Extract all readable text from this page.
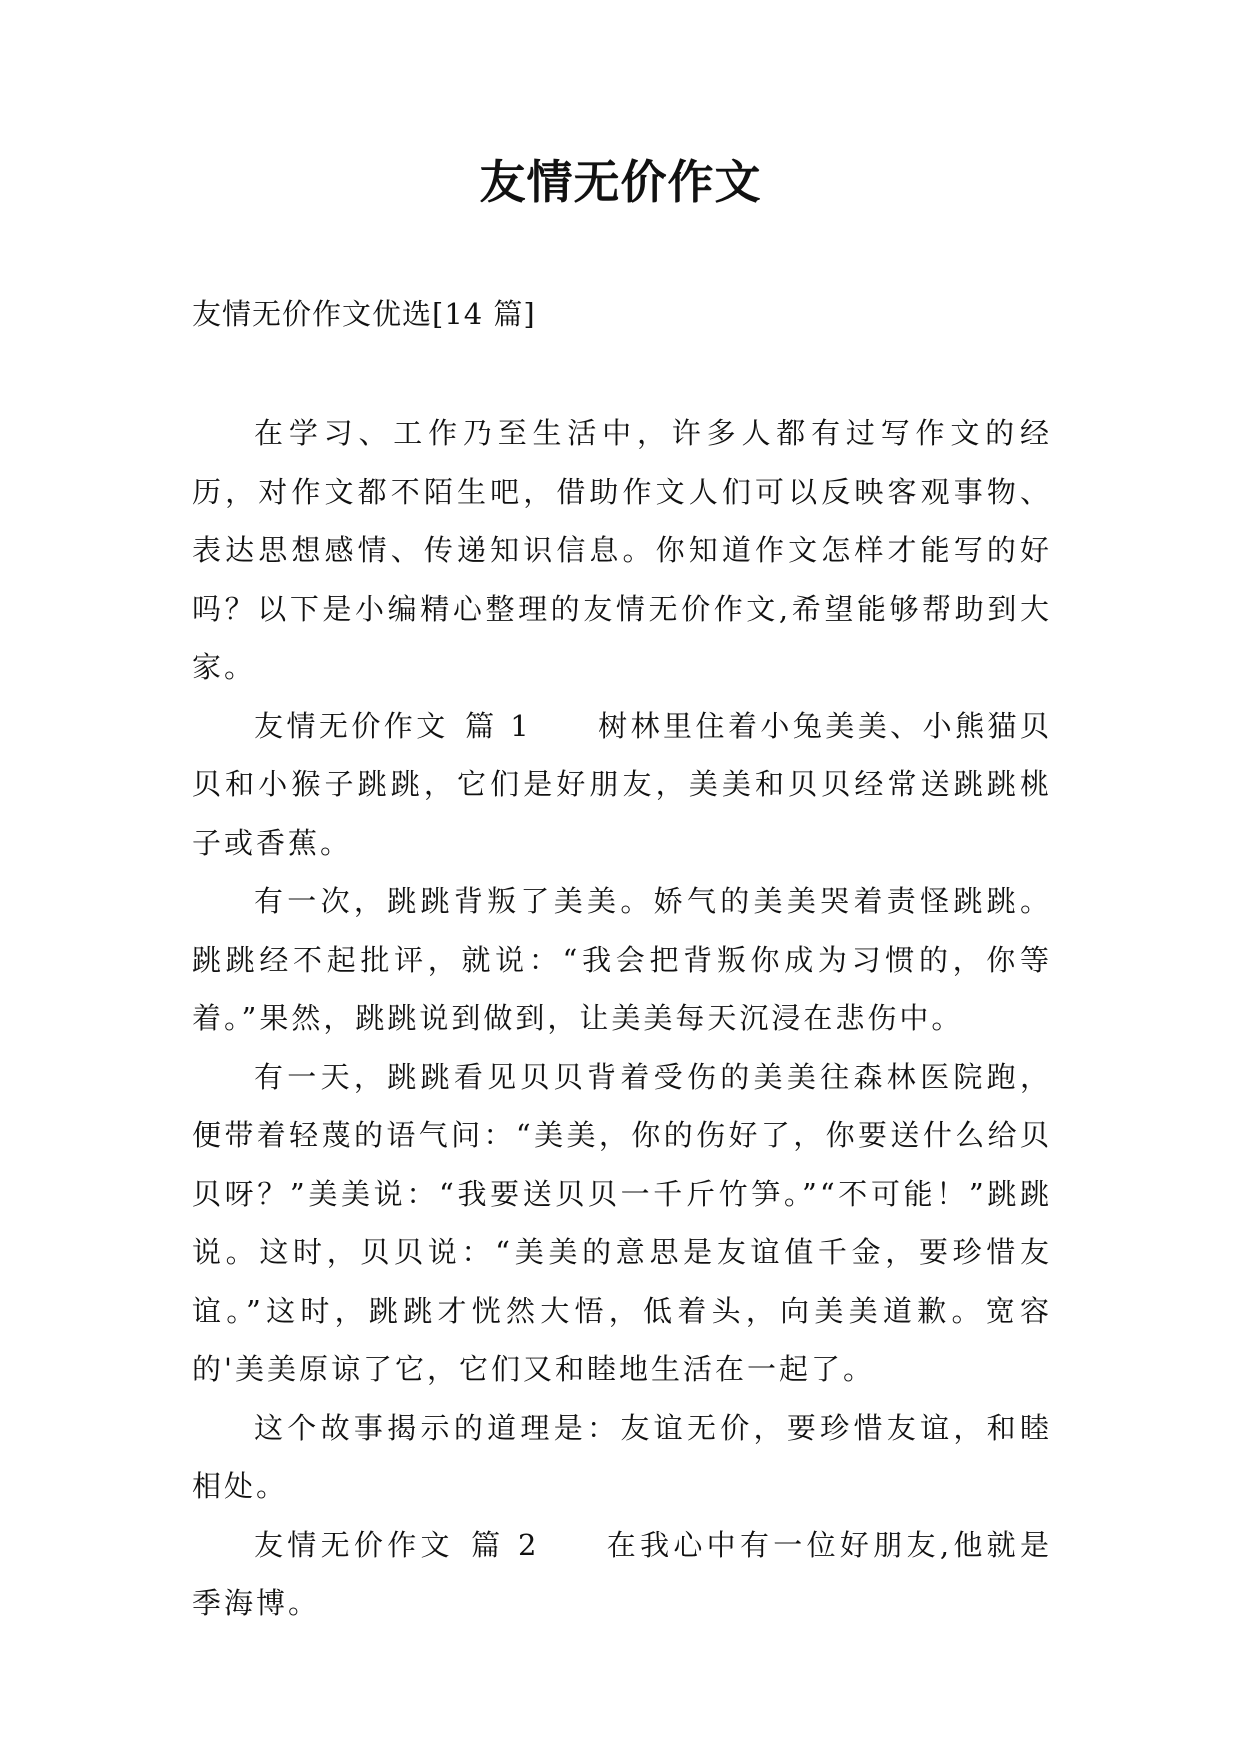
友情无价作文
友情无价作文优选[14 篇]

在学习、工作乃至生活中，许多人都有过写作文的经历，对作文都不陌生吧，借助作文人们可以反映客观事物、表达思想感情、传递知识信息。你知道作文怎样才能写的好吗？以下是小编精心整理的友情无价作文,希望能够帮助到大家。

友情无价作文 篇 1 树林里住着小兔美美、小熊猫贝贝和小猴子跳跳，它们是好朋友，美美和贝贝经常送跳跳桃子或香蕉。

有一次，跳跳背叛了美美。娇气的美美哭着责怪跳跳。跳跳经不起批评，就说：“我会把背叛你成为习惯的，你等着。”果然，跳跳说到做到，让美美每天沉浸在悲伤中。

有一天，跳跳看见贝贝背着受伤的美美往森林医院跑，便带着轻蔑的语气问：“美美，你的伤好了，你要送什么给贝贝呀？”美美说：“我要送贝贝一千斤竹笋。”“不可能！”跳跳说。这时，贝贝说：“美美的意思是友谊值千金，要珍惜友谊。”这时，跳跳才恍然大悟，低着头，向美美道歉。宽容的'美美原谅了它，它们又和睦地生活在一起了。

这个故事揭示的道理是：友谊无价，要珍惜友谊，和睦相处。

友情无价作文 篇 2 在我心中有一位好朋友,他就是季海博。
